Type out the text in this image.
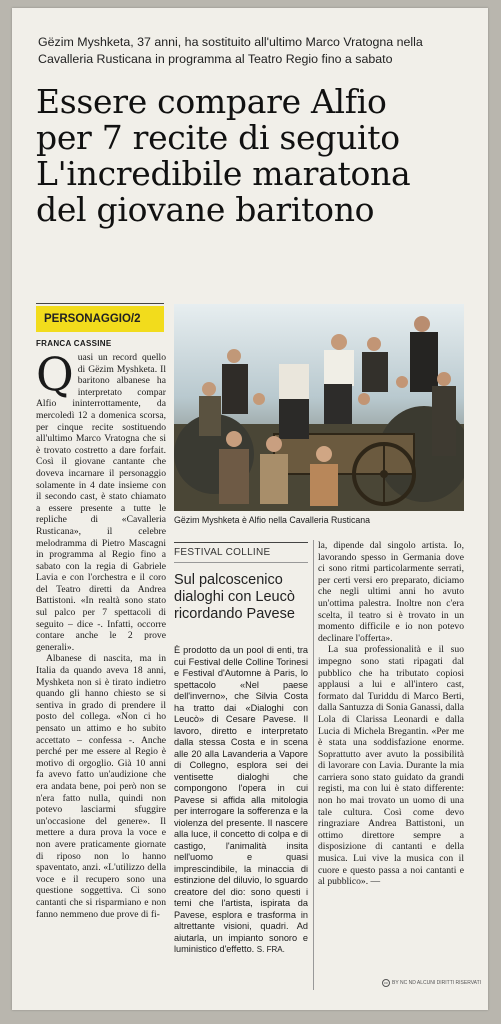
Gëzim Myshketa, 37 anni, ha sostituito all'ultimo Marco Vratogna nella Cavalleria Rusticana in programma al Teatro Regio fino a sabato
Essere compare Alfio
per 7 recite di seguito
L'incredibile maratona
del giovane baritono
PERSONAGGIO/2
FRANCA CASSINE

Quasi un record quello di Gëzim Myshketa. Il baritono albanese ha interpretato compar Alfio ininterrottamente, da mercoledì 12 a domenica scorsa, per cinque recite sostituendo all'ultimo Marco Vratogna che si è trovato costretto a dare forfait. Così il giovane cantante che doveva incarnare il personaggio solamente in 4 date insieme con il secondo cast, è stato chiamato a essere presente a tutte le repliche di «Cavalleria Rusticana», il celebre melodramma di Pietro Mascagni in programma al Regio fino a sabato con la regia di Gabriele Lavia e con l'orchestra e il coro del Teatro diretti da Andrea Battistoni. «In realtà sono stato sul palco per 7 spettacoli di seguito – dice -. Infatti, occorre contare anche le 2 prove generali».

Albanese di nascita, ma in Italia da quando aveva 18 anni, Myshketa non si è tirato indietro quando gli hanno chiesto se si sentiva in grado di prendere il posto del collega. «Non ci ho pensato un attimo e ho subito accettato – confessa -. Anche perché per me essere al Regio è motivo di orgoglio. Già 10 anni fa avevo fatto un'audizione che era andata bene, poi però non se n'era fatto nulla, quindi non potevo lasciarmi sfuggire un'occasione del genere». Il mettere a dura prova la voce e non avere praticamente giornate di riposo non lo hanno spaventato, anzi. «L'utilizzo della voce e il recupero sono una questione soggettiva. Ci sono cantanti che si risparmiano e non fanno nemmeno due prove di fi-

Gëzim Myshketa è Alfio nella Cavalleria Rusticana
FESTIVAL COLLINE
Sul palcoscenico dialoghi con Leucò ricordando Pavese

È prodotto da un pool di enti, tra cui Festival delle Colline Torinesi e Festival d'Automne à Paris, lo spettacolo «Nel paese dell'inverno», che Silvia Costa ha tratto dai «Dialoghi con Leucò» di Cesare Pavese. Il lavoro, diretto e interpretato dalla stessa Costa e in scena alle 20 alla Lavanderia a Vapore di Collegno, esplora sei dei ventisette dialoghi che compongono l'opera in cui Pavese si affida alla mitologia per interrogare la sofferenza e la violenza del presente. Il nascere alla luce, il concetto di colpa e di castigo, l'animalità insita nell'uomo e quasi imprescindibile, la minaccia di estinzione del diluvio, lo sguardo creatore del dio: sono questi i temi che l'artista, ispirata da Pavese, esplora e trasforma in altrettante visioni, quadri. Ad aiutarla, un impianto sonoro e luministico d'effetto. S. FRA.

la, dipende dal singolo artista. Io, lavorando spesso in Germania dove ci sono ritmi particolarmente serrati, per certi versi ero preparato, diciamo che negli ultimi anni ho avuto un'ottima palestra. Inoltre non c'era scelta, il teatro si è trovato in un momento difficile e io non potevo declinare l'offerta».

La sua professionalità e il suo impegno sono stati ripagati dal pubblico che ha tributato copiosi applausi a lui e all'intero cast, formato dal Turiddu di Marco Berti, dalla Santuzza di Sonia Ganassi, dalla Lola di Clarissa Leonardi e dalla Lucia di Michela Bregantin. «Per me è stata una soddisfazione enorme. Soprattutto aver avuto la possibilità di lavorare con Lavia. Durante la mia carriera sono stato guidato da grandi registi, ma con lui è stato differente: non ho mai trovato un uomo di una tale cultura. Così come devo ringraziare Andrea Battistoni, un ottimo direttore sempre a disposizione di cantanti e della musica. Lui vive la musica con il cuore e questo passa a noi cantanti e al pubblico». —

cc BY NC ND ALCUNI DIRITTI RISERVATI
